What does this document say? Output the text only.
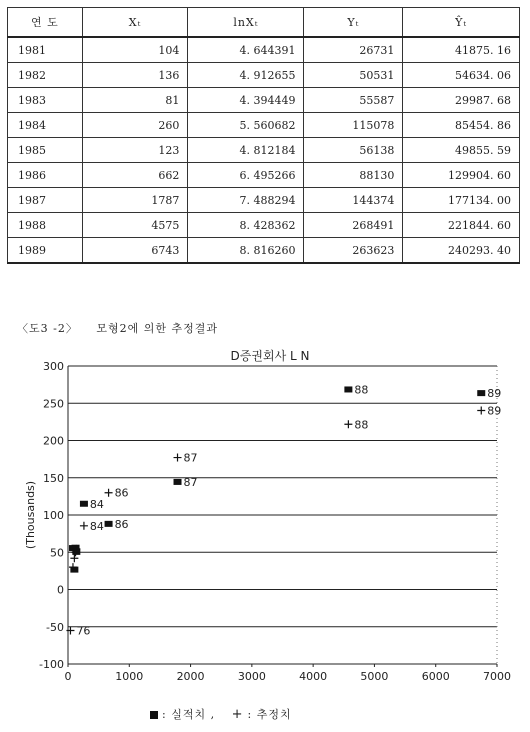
연 도	Xₜ	lnXₜ	Yₜ	Ŷₜ
1981	104	4. 644391	26731	41875. 16
1982	136	4. 912655	50531	54634. 06
1983	81	4. 394449	55587	29987. 68
1984	260	5. 560682	115078	85454. 86
1985	123	4. 812184	56138	49855. 59
1986	662	6. 495266	88130	129904. 60
1987	1787	7. 488294	144374	177134. 00
1988	4575	8. 428362	268491	221844. 60
1989	6743	8. 816260	263623	240293. 40
〈도3 -2〉 모형2에 의한 추정결과
D증권회사 L N
300
250
200
150
100
50
0
-50
-100
0	1000	2000	3000	4000	5000	6000	7000
(Thousands)
88	89
87
84
86
89
88
87
86
84
76
: 실적치 , + : 추정치
